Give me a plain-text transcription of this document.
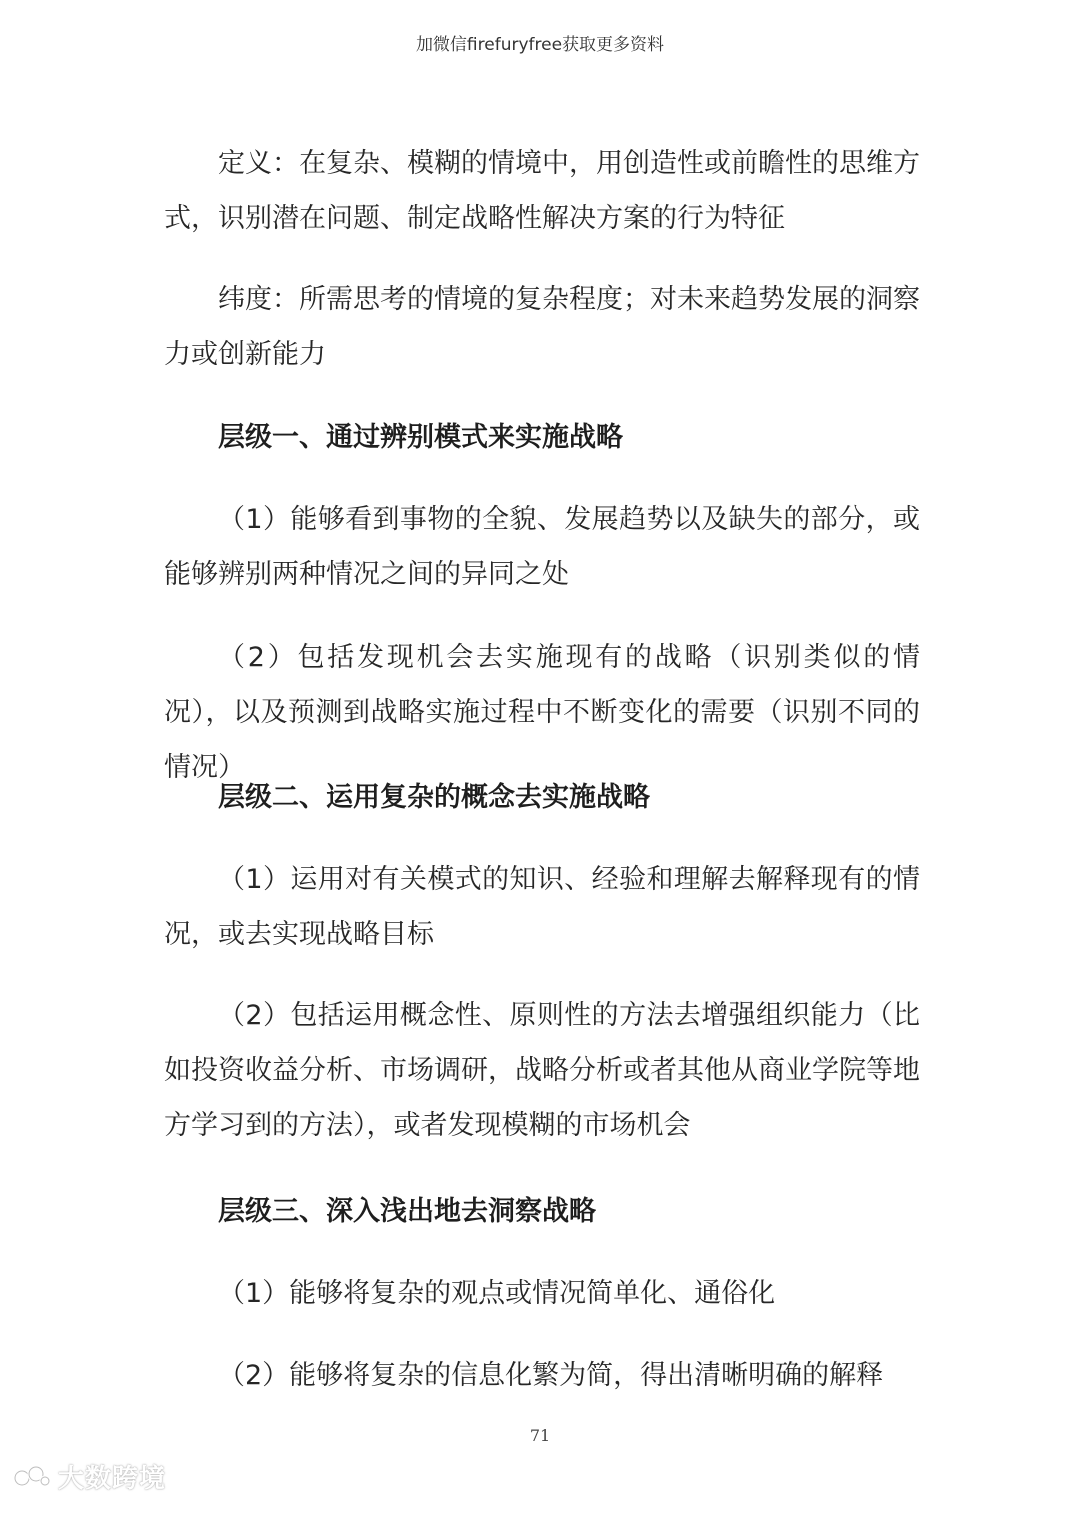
加微信firefuryfree获取更多资料

定义：在复杂、模糊的情境中，用创造性或前瞻性的思维方式，识别潜在问题、制定战略性解决方案的行为特征

纬度：所需思考的情境的复杂程度；对未来趋势发展的洞察力或创新能力

层级一、通过辨别模式来实施战略

（1）能够看到事物的全貌、发展趋势以及缺失的部分，或能够辨别两种情况之间的异同之处

（2）包括发现机会去实施现有的战略（识别类似的情况），以及预测到战略实施过程中不断变化的需要（识别不同的情况）

层级二、运用复杂的概念去实施战略

（1）运用对有关模式的知识、经验和理解去解释现有的情况，或去实现战略目标

（2）包括运用概念性、原则性的方法去增强组织能力（比如投资收益分析、市场调研，战略分析或者其他从商业学院等地方学习到的方法），或者发现模糊的市场机会

层级三、深入浅出地去洞察战略

（1）能够将复杂的观点或情况简单化、通俗化

（2）能够将复杂的信息化繁为简，得出清晰明确的解释

71
大数跨境
